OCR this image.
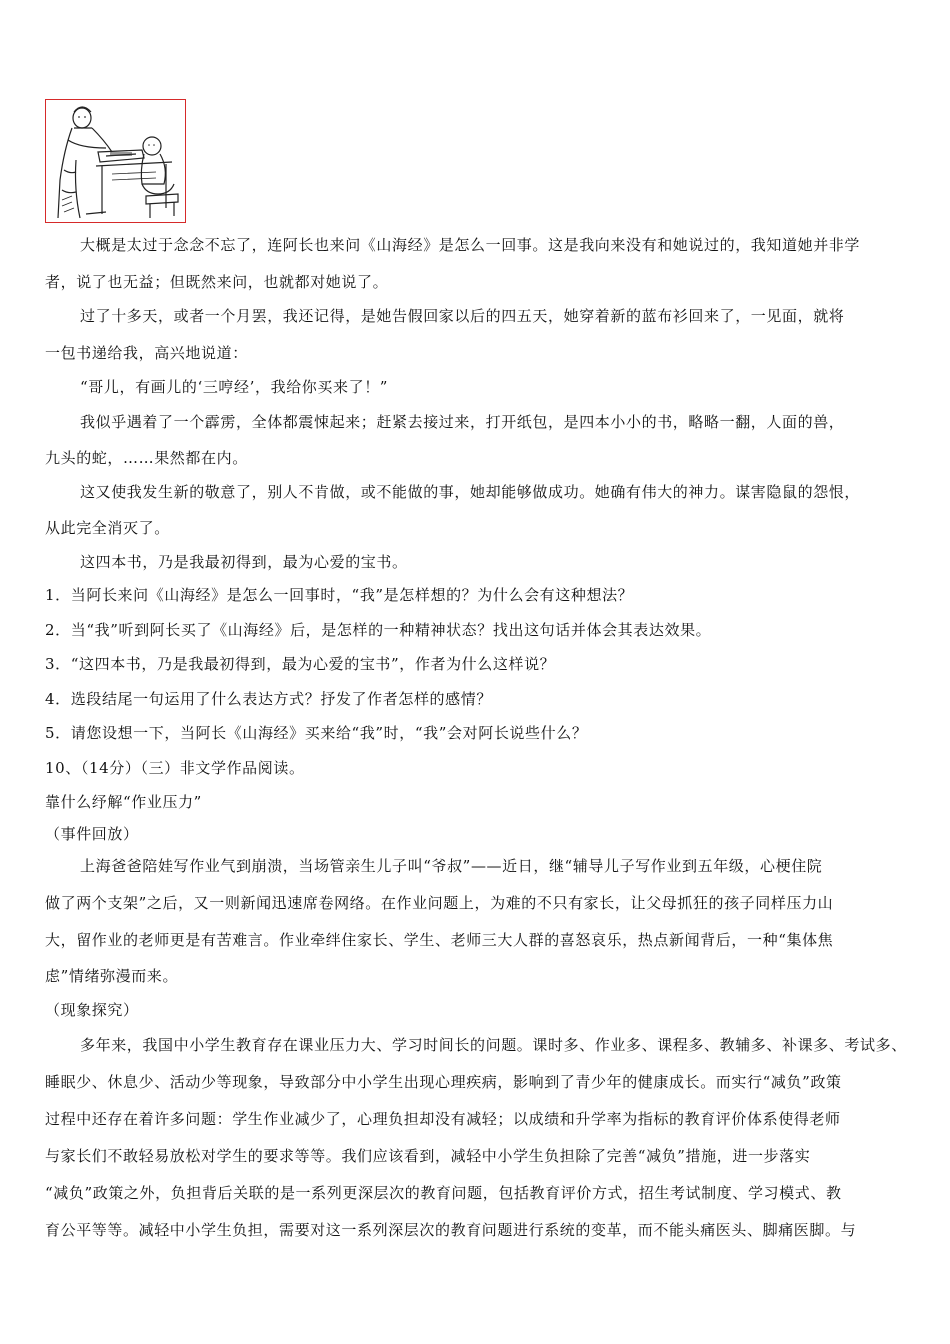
大概是太过于念念不忘了，连阿长也来问《山海经》是怎么一回事。这是我向来没有和她说过的，我知道她并非学
者，说了也无益；但既然来问，也就都对她说了。
过了十多天，或者一个月罢，我还记得，是她告假回家以后的四五天，她穿着新的蓝布衫回来了，一见面，就将
一包书递给我，高兴地说道：
“哥儿，有画儿的‘三哼经’，我给你买来了！”
我似乎遇着了一个霹雳，全体都震悚起来；赶紧去接过来，打开纸包，是四本小小的书，略略一翻，人面的兽，
九头的蛇，……果然都在内。
这又使我发生新的敬意了，别人不肯做，或不能做的事，她却能够做成功。她确有伟大的神力。谋害隐鼠的怨恨，
从此完全消灭了。
这四本书，乃是我最初得到，最为心爱的宝书。
1．当阿长来问《山海经》是怎么一回事时，“我”是怎样想的？为什么会有这种想法？
2．当“我”听到阿长买了《山海经》后，是怎样的一种精神状态？找出这句话并体会其表达效果。
3．“这四本书，乃是我最初得到，最为心爱的宝书”，作者为什么这样说？
4．选段结尾一句运用了什么表达方式？抒发了作者怎样的感情？
5．请您设想一下，当阿长《山海经》买来给“我”时，“我”会对阿长说些什么？
10、（14分）（三）非文学作品阅读。
靠什么纾解“作业压力”
（事件回放）
上海爸爸陪娃写作业气到崩溃，当场管亲生儿子叫“爷叔”——近日，继“辅导儿子写作业到五年级，心梗住院
做了两个支架”之后，又一则新闻迅速席卷网络。在作业问题上，为难的不只有家长，让父母抓狂的孩子同样压力山
大，留作业的老师更是有苦难言。作业牵绊住家长、学生、老师三大人群的喜怒哀乐，热点新闻背后，一种“集体焦
虑”情绪弥漫而来。
（现象探究）
多年来，我国中小学生教育存在课业压力大、学习时间长的问题。课时多、作业多、课程多、教辅多、补课多、考试多、
睡眠少、休息少、活动少等现象，导致部分中小学生出现心理疾病，影响到了青少年的健康成长。而实行“减负”政策
过程中还存在着许多问题：学生作业减少了，心理负担却没有减轻；以成绩和升学率为指标的教育评价体系使得老师
与家长们不敢轻易放松对学生的要求等等。我们应该看到，减轻中小学生负担除了完善“减负”措施，进一步落实
“减负”政策之外，负担背后关联的是一系列更深层次的教育问题，包括教育评价方式，招生考试制度、学习模式、教
育公平等等。减轻中小学生负担，需要对这一系列深层次的教育问题进行系统的变革，而不能头痛医头、脚痛医脚。与
